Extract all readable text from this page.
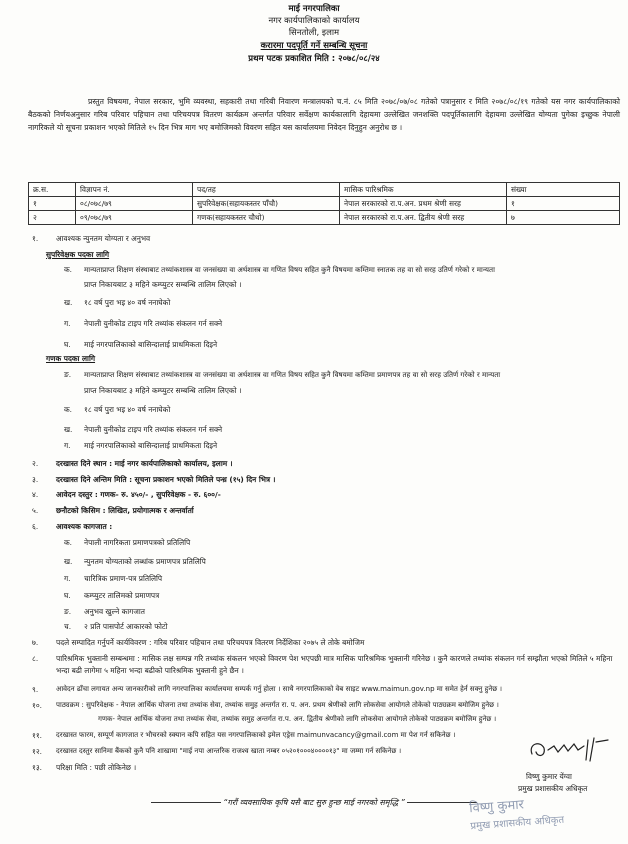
माई नगरपालिका
नगर कार्यपालिकाको कार्यालय
सिनतोली, इलाम
करारमा पदपूर्ति गर्ने सम्बन्धि सूचना
प्रथम पटक प्रकाशित मिति : २०७८/०८/२४
प्रस्तुत विषयमा, नेपाल सरकार, भुमि व्यवस्था, सहकारी तथा गरिबी निवारण मन्त्रालयको च.नं. ८५ मिति २०७८/०७/०८ गतेको पत्रानुसार र मिति २०७८/०८/१९ गतेको यस नगर कार्यपालिकाको बैठकको निर्णयअनुसार गरिब परिवार पहिचान तथा परिचयपत्र वितरण कार्यक्रम अन्तर्गत परिवार सर्वेक्षण कार्यकालागि देहायमा उल्लेखित जनशक्ति पदपूर्तिकालागि देहायमा उल्लेखित योग्यता पुगेका इच्छुक नेपाली नागरिकले यो सूचना प्रकाशन भएको मितिले १५ दिन भित्र माग भए बमोजिमको विवरण सहित यस कार्यालयमा निवेदन दिनुहुन अनुरोध छ ।
क्र.स.	विज्ञापन नं.	पद/तह	मासिक पारिश्रमिक	संख्या
१	०८/०७८/७९	सुपरिवेक्षक(सहायकस्तर पाँचौ)	नेपाल सरकारको रा.प.अन. प्रथम श्रेणी सरह	१
२	०९/०७८/७९	गणक(सहायकस्तर चौथो)	नेपाल सरकारको रा.प.अन. द्वितीय श्रेणी सरह	७
१. आवश्यक न्युनतम योग्यता र अनुभव
सुपरिवेक्षक पदका लागि
क. मान्यताप्राप्त शिक्षण संस्थाबाट तथ्यांकशास्त्र वा जनसंख्या वा अर्थशास्त्र वा गणित विषय सहित कुनै विषयमा कम्तिमा स्नातक तह वा सो सरह उतिर्ण गरेको र मान्यता
प्राप्त निकायबाट ३ महिने कम्प्युटर सम्बन्धि तालिम लिएको ।
ख. १८ वर्ष पुरा भइ ४० वर्ष ननाघेको
ग. नेपाली युनीकोड टाइप गरि तथ्यांक संकलन गर्न सक्ने
घ. माई नगरपालिकाको बासिन्दालाई प्राथमिकता दिइने
गणक पदका लागि
ङ. मान्यताप्राप्त शिक्षण संस्थाबाट तथ्यांकशास्त्र वा जनसंख्या वा अर्थशास्त्र वा गणित विषय सहित कुनै विषयमा कम्तिमा प्रमाणपत्र तह वा सो सरह उतिर्ण गरेको र मान्यता
प्राप्त निकायबाट ३ महिने कम्प्युटर सम्बन्धि तालिम लिएको ।
क. १८ वर्ष पुरा भइ ४० वर्ष ननाघेको
ख. नेपाली युनीकोड टाइप गरि तथ्यांक संकलन गर्न सक्ने
ग. माई नगरपालिकाको बासिन्दालाई प्राथमिकता दिइने
२. दरखास्त दिने स्थान : माई नगर कार्यपालिकाको कार्यालय, इलाम ।
३. दरखास्त दिने अन्तिम मिति : सूचना प्रकाशन भएको मितिले पन्ध्र (१५) दिन भित्र ।
४. आवेदन दस्तुर : गणक- रु. ४५०/- , सुपरिवेक्षक - रु. ६००/-
५. छनौटको किसिम : लिखित, प्रयोगात्मक र अन्तर्वार्ता
६. आवश्यक कागजात :
क. नेपाली नागरिकता प्रमाणपत्रको प्रतिलिपि
ख. न्युनतम योग्यताको लब्धांक प्रमाणपत्र प्रतिलिपि
ग. चारित्रिक प्रमाण-पत्र प्रतिलिपि
घ. कम्प्युटर तालिमको प्रमाणपत्र
ङ. अनुभव खुल्ने कागजात
च. २ प्रति पासपोर्ट आकारको फोटो
७. पदले सम्पादित गर्नुपर्ने कार्यविवरण : गरिब परिवार पहिचान तथा परिचयपत्र वितरण निर्देशिका २०७५ ले तोके बमोजिम
८. पारिश्रमिक भुक्तानी सम्बन्धमा : मासिक लक्ष सम्पन्न गरि तथ्यांक संकलन भएको विवरण पेश भएपछी मात्र मासिक पारिश्रमिक भुक्तानी गरिनेछ । कुनै कारणले तथ्यांक संकलन गर्न सम्झौता भएको मितिले ५ महिना भन्दा बढी लागेमा ५ महिना भन्दा बढीको पारिश्रमिक भुक्तानी हुने छैन ।
९.	आवेदन ढाँचा लगायत अन्य जानकारीको लागि नगरपालिका कार्यालयमा सम्पर्क गर्नु होला । साथै नगरपालिकाको वेब साइट www.maimun.gov.np मा समेत हेर्न सक्नु हुनेछ ।
१०. पाठ्यक्रम : सुपरिवेक्षक - नेपाल आर्थिक योजना तथा तथ्यांक सेवा, तथ्यांक समुह अन्तर्गत रा. प. अन. प्रथम श्रेणीको लागि लोकसेवा आयोगले तोकेको पाठ्यक्रम बमोजिम हुनेछ ।
गणक- नेपाल आर्थिक योजना तथा तथ्यांक सेवा, तथ्यांक समुह अन्तर्गत रा.प. अन. द्वितीय श्रेणीको लागि लोकसेवा आयोगले तोकेको पाठ्यक्रम बमोजिम हुनेछ ।
११. दरखास्त फारम, सम्पूर्ण कागजात र भौचरको स्क्यान कपि सहित यस नगरपालिकाको इमेल एड्रेस maimunvacancy@gmail.com मा पेश गर्न सकिनेछ ।
१२. दरखास्त दस्तुर सानिमा बैंकको कुनै पनि शाखामा "माई नपा आन्तरिक राजश्व खाता नम्बर ०५२०१०००४००००१३" मा जम्मा गर्न सकिनेछ ।
१३. परिक्षा मिति : पछी तोकिनेछ ।
विष्णु कुमार येंग्वा
प्रमुख प्रशासकीय अधिकृत
“गरौं व्यवसायिक कृषि यसै बाट सुरु हुन्छ माई नगरको समृद्धि ”	विष्णु कुमार
प्रमुख प्रशासकीय अधिकृत
